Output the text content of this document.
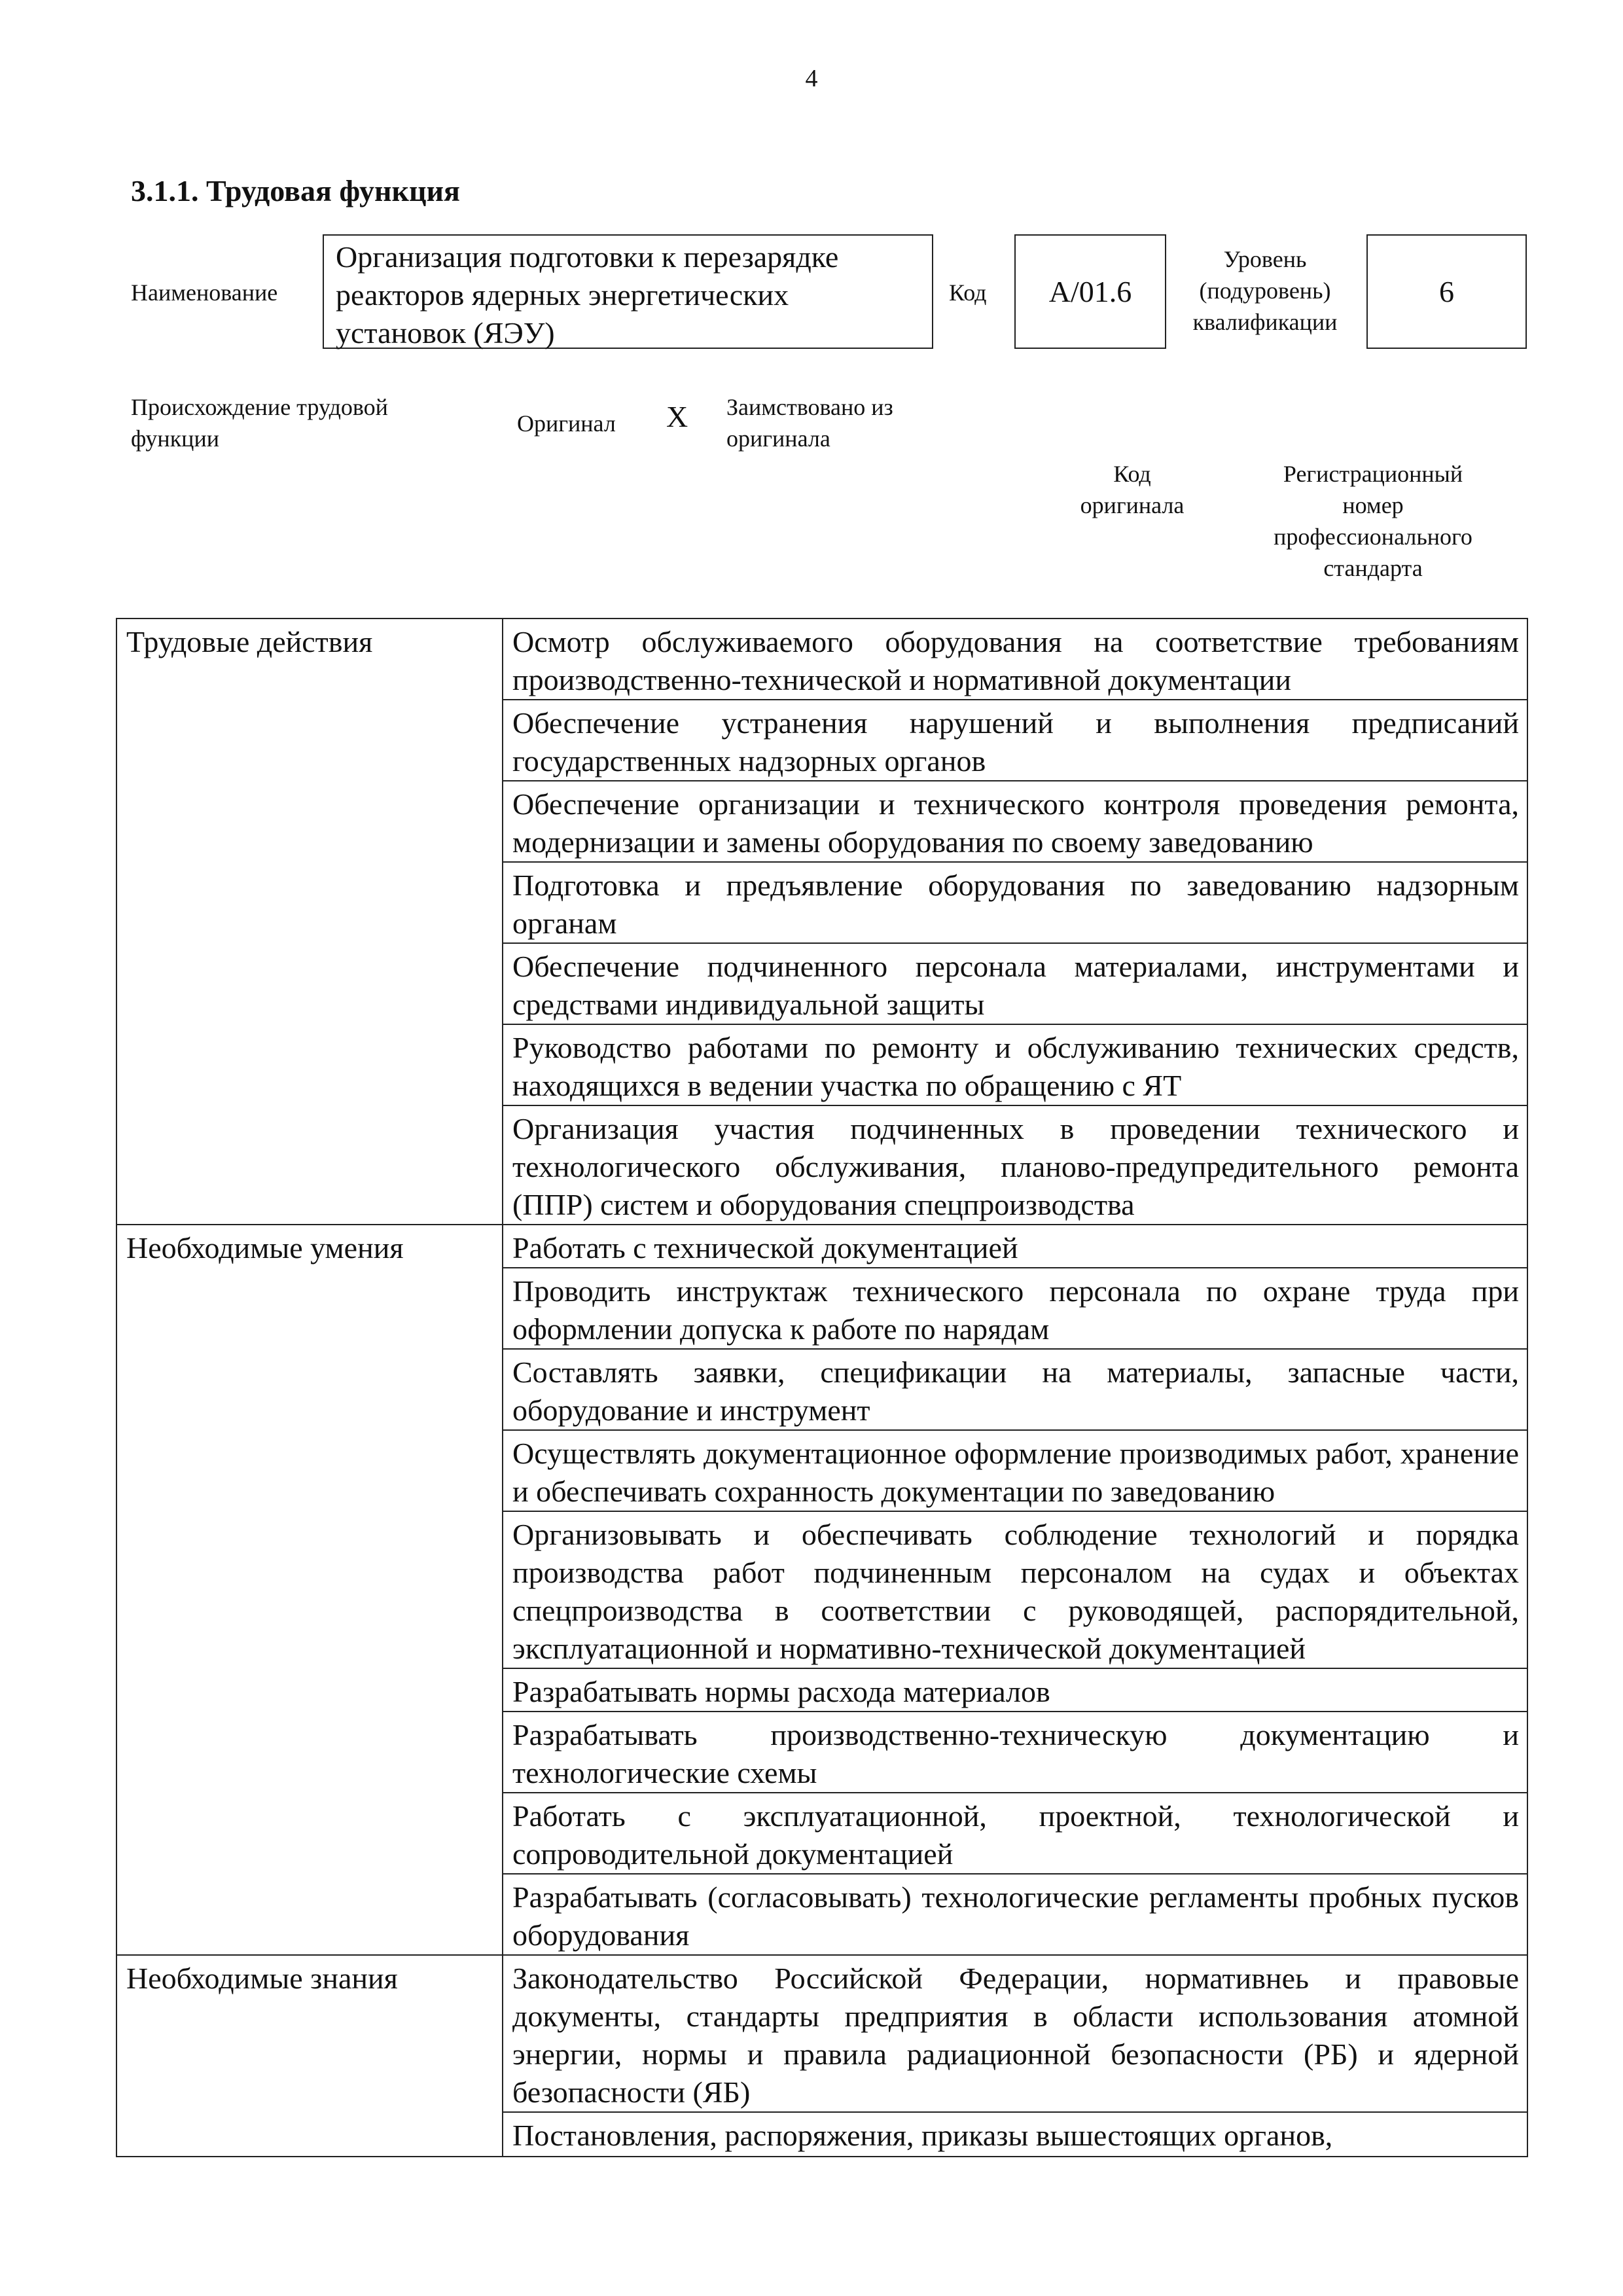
4
3.1.1. Трудовая функция
Наименование
Организация подготовки к перезарядке реакторов ядерных энергетических установок (ЯЭУ)
Код A/01.6
Уровень (подуровень) квалификации
6
Происхождение трудовой функции
Оригинал X Заимствовано из оригинала
Код оригинала
Регистрационный номер профессионального стандарта
Трудовые действия	Осмотр обслуживаемого оборудования на соответствие требованиям производственно-технической и нормативной документации
	Обеспечение устранения нарушений и выполнения предписаний государственных надзорных органов
	Обеспечение организации и технического контроля проведения ремонта, модернизации и замены оборудования по своему заведованию
	Подготовка и предъявление оборудования по заведованию надзорным органам
	Обеспечение подчиненного персонала материалами, инструментами и средствами индивидуальной защиты
	Руководство работами по ремонту и обслуживанию технических средств, находящихся в ведении участка по обращению с ЯТ
	Организация участия подчиненных в проведении технического и технологического обслуживания, планово-предупредительного ремонта (ППР) систем и оборудования спецпроизводства
Необходимые умения	Работать с технической документацией
	Проводить инструктаж технического персонала по охране труда при оформлении допуска к работе по нарядам
	Составлять заявки, спецификации на материалы, запасные части, оборудование и инструмент
	Осуществлять документационное оформление производимых работ, хранение и обеспечивать сохранность документации по заведованию
	Организовывать и обеспечивать соблюдение технологий и порядка производства работ подчиненным персоналом на судах и объектах спецпроизводства в соответствии с руководящей, распорядительной, эксплуатационной и нормативно-технической документацией
	Разрабатывать нормы расхода материалов
	Разрабатывать производственно-техническую документацию и технологические схемы
	Работать с эксплуатационной, проектной, технологической и сопроводительной документацией
	Разрабатывать (согласовывать) технологические регламенты пробных пусков оборудования
Необходимые знания	Законодательство Российской Федерации, нормативнеь и правовые документы, стандарты предприятия в области использования атомной энергии, нормы и правила радиационной безопасности (РБ) и ядерной безопасности (ЯБ)
	Постановления, распоряжения, приказы вышестоящих органов,
